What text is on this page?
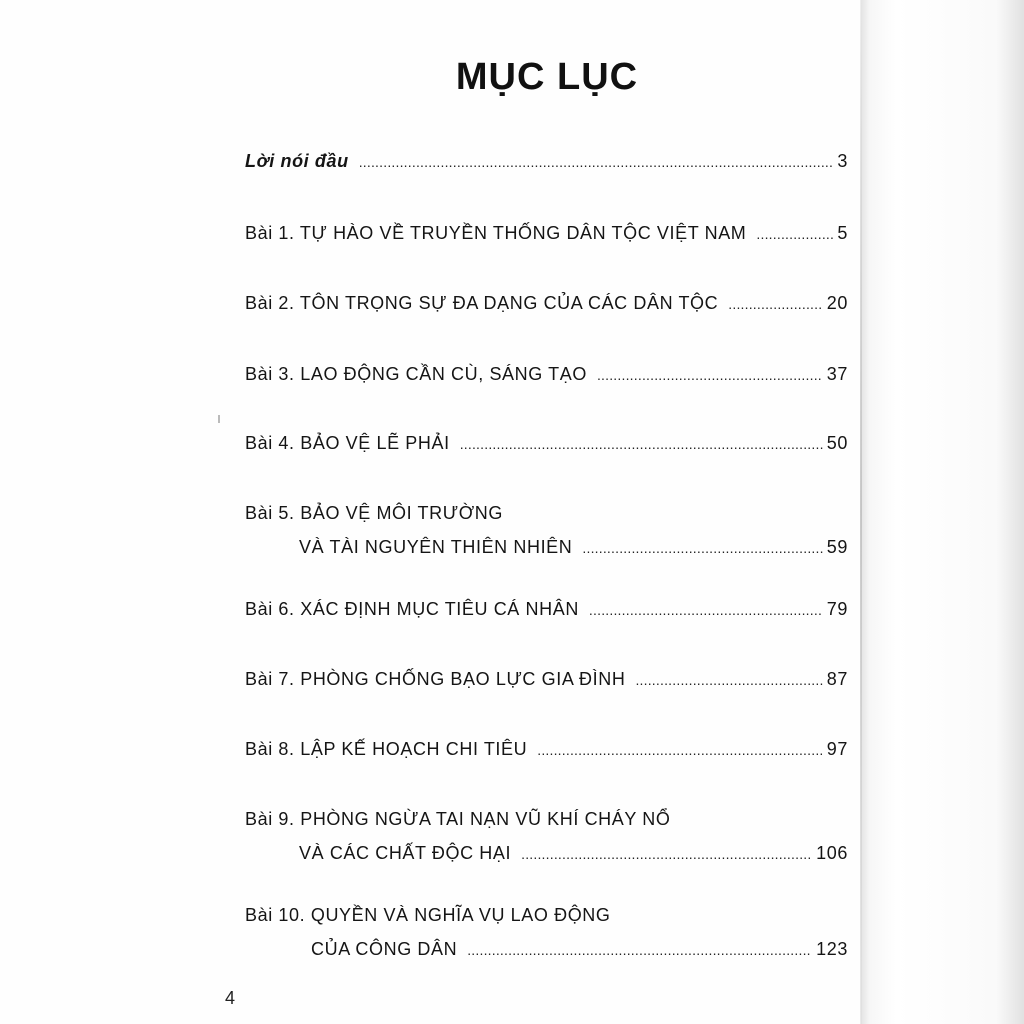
MỤC LỤC
Lời nói đầu .....	3
Bài 1. TỰ HÀO VỀ TRUYỀN THỐNG DÂN TỘC VIỆT NAM .....	5
Bài 2. TÔN TRỌNG SỰ ĐA DẠNG CỦA CÁC DÂN TỘC .....	20
Bài 3. LAO ĐỘNG CẦN CÙ, SÁNG TẠO .....	37
Bài 4. BẢO VỆ LẼ PHẢI .....	50
Bài 5. BẢO VỆ MÔI TRƯỜNG
VÀ TÀI NGUYÊN THIÊN NHIÊN .....	59
Bài 6. XÁC ĐỊNH MỤC TIÊU CÁ NHÂN .....	79
Bài 7. PHÒNG CHỐNG BẠO LỰC GIA ĐÌNH .....	87
Bài 8. LẬP KẾ HOẠCH CHI TIÊU .....	97
Bài 9. PHÒNG NGỪA TAI NẠN VŨ KHÍ CHÁY NỔ
VÀ CÁC CHẤT ĐỘC HẠI .....	106
Bài 10. QUYỀN VÀ NGHĨA VỤ LAO ĐỘNG
CỦA CÔNG DÂN .....	123
4
